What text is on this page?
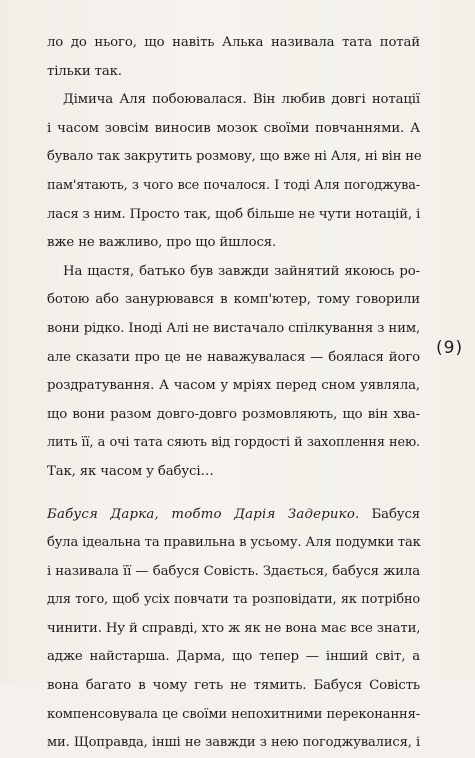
ло до нього, що навіть Алька називала тата потай
тільки так.
Дімича Аля побоювалася. Він любив довгі нотації
і часом зовсім виносив мозок своїми повчаннями. А
бувало так закрутить розмову, що вже ні Аля, ні він не
пам'ятають, з чого все почалося. І тоді Аля погоджува-
лася з ним. Просто так, щоб більше не чути нотацій, і
вже не важливо, про що йшлося.
На щастя, батько був завжди зайнятий якоюсь ро-
ботою або занурювався в комп'ютер, тому говорили
вони рідко. Іноді Алі не вистачало спілкування з ним,
але сказати про це не наважувалася — боялася його
роздратування. А часом у мріях перед сном уявляла,
що вони разом довго-довго розмовляють, що він хва-
лить її, а очі тата сяють від гордості й захоплення нею.
Так, як часом у бабусі…
Бабуся Дарка, тобто Дарія Задерико. Бабуся
була ідеальна та правильна в усьому. Аля подумки так
і називала її — бабуся Совість. Здається, бабуся жила
для того, щоб усіх повчати та розповідати, як потрібно
чинити. Ну й справді, хто ж як не вона має все знати,
адже найстарша. Дарма, що тепер — інший світ, а
вона багато в чому геть не тямить. Бабуся Совість
компенсовувала це своїми непохитними переконання-
ми. Щоправда, інші не завжди з нею погоджувалися, і
(9)
